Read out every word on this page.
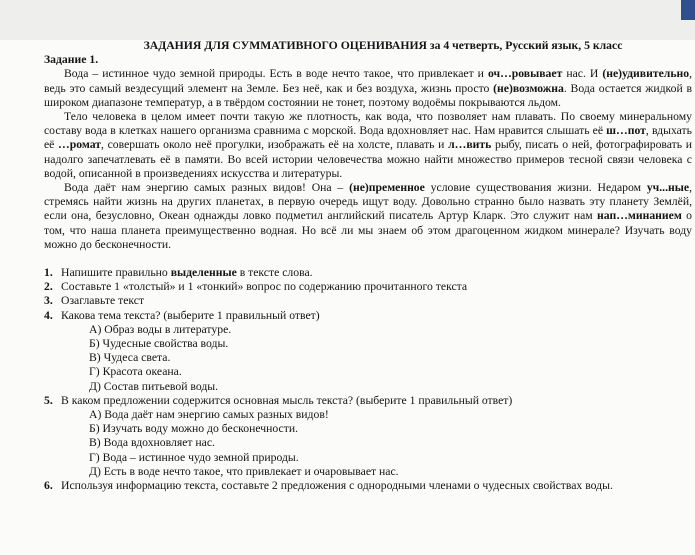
ЗАДАНИЯ ДЛЯ СУММАТИВНОГО ОЦЕНИВАНИЯ за 4 четверть, Русский язык, 5 класс

Задание 1.

Вода – истинное чудо земной природы. Есть в воде нечто такое, что привлекает и оч…ровывает нас. И (не)удивительно, ведь это самый вездесущий элемент на Земле. Без неё, как и без воздуха, жизнь просто (не)возможна. Вода остается жидкой в широком диапазоне температур, а в твёрдом состоянии не тонет, поэтому водоёмы покрываются льдом.

Тело человека в целом имеет почти такую же плотность, как вода, что позволяет нам плавать. По своему минеральному составу вода в клетках нашего организма сравнима с морской. Вода вдохновляет нас. Нам нравится слышать её ш…пот, вдыхать её …ромат, совершать около неё прогулки, изображать её на холсте, плавать и л…вить рыбу, писать о ней, фотографировать и надолго запечатлевать её в памяти. Во всей истории человечества можно найти множество примеров тесной связи человека с водой, описанной в произведениях искусства и литературы.

Вода даёт нам энергию самых разных видов! Она – (не)пременное условие существования жизни. Недаром уч...ные, стремясь найти жизнь на других планетах, в первую очередь ищут воду. Довольно странно было назвать эту планету Землёй, если она, безусловно, Океан однажды ловко подметил английский писатель Артур Кларк. Это служит нам нап…минанием о том, что наша планета преимущественно водная. Но всё ли мы знаем об этом драгоценном жидком минерале? Изучать воду можно до бесконечности.

1. Напишите правильно выделенные в тексте слова.

2. Составьте 1 «толстый» и 1 «тонкий» вопрос по содержанию прочитанного текста

3. Озаглавьте текст

4. Какова тема текста? (выберите 1 правильный ответ)

А) Образ воды в литературе.

Б) Чудесные свойства воды.

В) Чудеса света.

Г) Красота океана.

Д) Состав питьевой воды.

5. В каком предложении содержится основная мысль текста? (выберите 1 правильный ответ)

А) Вода даёт нам энергию самых разных видов!

Б) Изучать воду можно до бесконечности.

В) Вода вдохновляет нас.

Г) Вода – истинное чудо земной природы.

Д) Есть в воде нечто такое, что привлекает и очаровывает нас.

6. Используя информацию текста, составьте 2 предложения с однородными членами о чудесных свойствах воды.
